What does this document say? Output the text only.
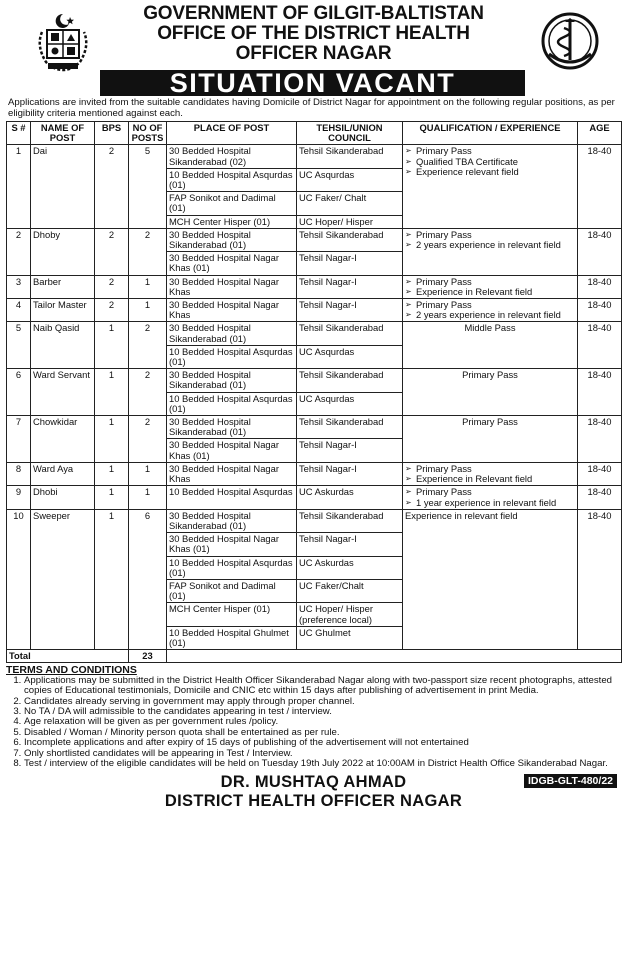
GOVERNMENT OF GILGIT-BALTISTAN
OFFICE OF THE DISTRICT HEALTH
OFFICER NAGAR
SITUATION VACANT
Applications are invited from the suitable candidates having Domicile of District Nagar for appointment on the following regular positions, as per eligibility criteria mentioned against each.
S #	NAME OF POST	BPS	NO OF POSTS	PLACE OF POST	TEHSIL/UNION COUNCIL	QUALIFICATION / EXPERIENCE	AGE
1	Dai	2	5	30 Bedded Hospital Sikanderabad (02)	Tehsil Sikanderabad	➢ Primary Pass
➢ Qualified TBA Certificate
➢ Experience relevant field	18-40
				10 Bedded Hospital Asqurdas (01)	UC Asqurdas		
				FAP Sonikot and Dadimal (01)	UC Faker/ Chalt		
				MCH Center Hisper (01)	UC Hoper/ Hisper		
2	Dhoby	2	2	30 Bedded Hospital Sikanderabad (01)	Tehsil Sikanderabad	➢ Primary Pass
➢ 2 years experience in relevant field	18-40
				30 Bedded Hospital Nagar Khas (01)	Tehsil Nagar-I		
3	Barber	2	1	30 Bedded Hospital Nagar Khas	Tehsil Nagar-I	➢ Primary Pass
➢ Experience in Relevant field	18-40
4	Tailor Master	2	1	30 Bedded Hospital Nagar Khas	Tehsil Nagar-I	➢ Primary Pass
➢ 2 years experience in relevant field	18-40
5	Naib Qasid	1	2	30 Bedded Hospital Sikanderabad (01)	Tehsil Sikanderabad	Middle Pass	18-40
				10 Bedded Hospital Asqurdas (01)	UC Asqurdas		
6	Ward Servant	1	2	30 Bedded Hospital Sikanderabad (01)	Tehsil Sikanderabad	Primary Pass	18-40
				10 Bedded Hospital Asqurdas (01)	UC Asqurdas		
7	Chowkidar	1	2	30 Bedded Hospital Sikanderabad (01)	Tehsil Sikanderabad	Primary Pass	18-40
				30 Bedded Hospital Nagar Khas (01)	Tehsil Nagar-I		
8	Ward Aya	1	1	30 Bedded Hospital Nagar Khas	Tehsil Nagar-I	➢ Primary Pass
➢ Experience in Relevant field	18-40
9	Dhobi	1	1	10 Bedded Hospital Asqurdas	UC Askurdas	➢ Primary Pass
➢ 1 year experience in relevant field	18-40
10	Sweeper	1	6	30 Bedded Hospital Sikanderabad (01)	Tehsil Sikanderabad	Experience in relevant field	18-40
				30 Bedded Hospital Nagar Khas (01)	Tehsil Nagar-I		
				10 Bedded Hospital Asqurdas (01)	UC Askurdas		
				FAP Sonikot and Dadimal (01)	UC Faker/Chalt		
				MCH Center Hisper (01)	UC Hoper/ Hisper (preference local)		
				10 Bedded Hospital Ghulmet (01)	UC Ghulmet		
Total			23				
TERMS AND CONDITIONS
1. Applications may be submitted in the District Health Officer Sikanderabad Nagar along with two-passport size recent photographs, attested copies of Educational testimonials, Domicile and CNIC etc within 15 days after publishing of advertisement in print Media.
2. Candidates already serving in government may apply through proper channel.
3. No TA / DA will admissible to the candidates appearing in test / interview.
4. Age relaxation will be given as per government rules /policy.
5. Disabled / Woman / Minority person quota shall be entertained as per rule.
6. Incomplete applications and after expiry of 15 days of publishing of the advertisement will not entertained
7. Only shortlisted candidates will be appearing in Test / Interview.
8. Test / interview of the eligible candidates will be held on Tuesday 19th July 2022 at 10:00AM in District Health Office Sikanderabad Nagar.
DR. MUSHTAQ AHMAD
DISTRICT HEALTH OFFICER NAGAR
IDGB-GLT-480/22
